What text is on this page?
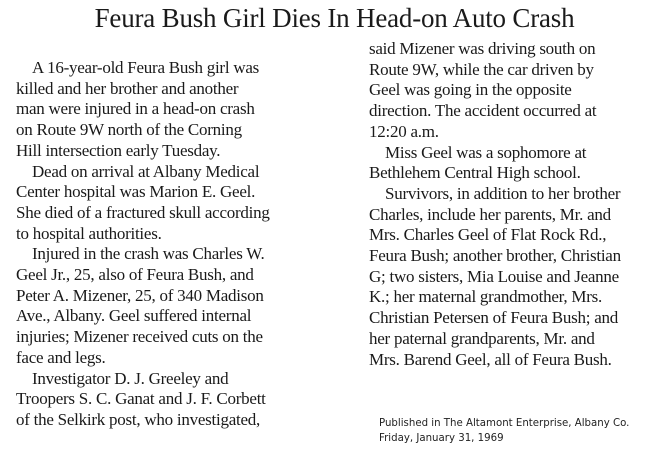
Feura Bush Girl Dies In Head-on Auto Crash

A 16-year-old Feura Bush girl was
killed and her brother and another
man were injured in a head-on crash
on Route 9W north of the Corning
Hill intersection early Tuesday.

Dead on arrival at Albany Medical
Center hospital was Marion E. Geel.
She died of a fractured skull according
to hospital authorities.

Injured in the crash was Charles W.
Geel Jr., 25, also of Feura Bush, and
Peter A. Mizener, 25, of 340 Madison
Ave., Albany. Geel suffered internal
injuries; Mizener received cuts on the
face and legs.

Investigator D. J. Greeley and
Troopers S. C. Ganat and J. F. Corbett
of the Selkirk post, who investigated,

said Mizener was driving south on
Route 9W, while the car driven by
Geel was going in the opposite
direction. The accident occurred at
12:20 a.m.

Miss Geel was a sophomore at
Bethlehem Central High school.

Survivors, in addition to her brother
Charles, include her parents, Mr. and
Mrs. Charles Geel of Flat Rock Rd.,
Feura Bush; another brother, Christian
G; two sisters, Mia Louise and Jeanne
K.; her maternal grandmother, Mrs.
Christian Petersen of Feura Bush; and
her paternal grandparents, Mr. and
Mrs. Barend Geel, all of Feura Bush.

Published in The Altamont Enterprise, Albany Co.
Friday, January 31, 1969
